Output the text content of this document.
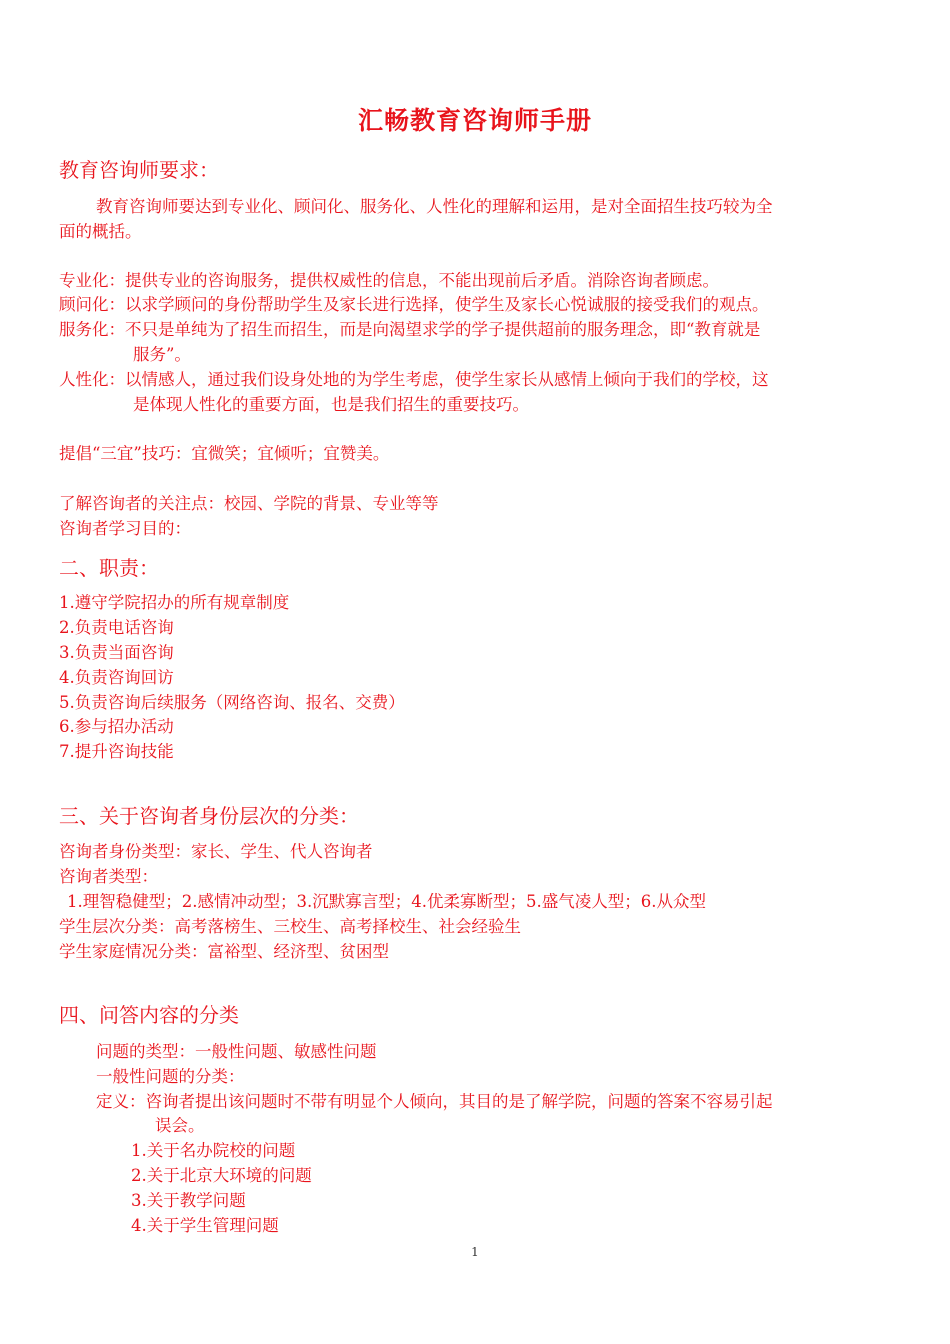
汇畅教育咨询师手册
教育咨询师要求：
教育咨询师要达到专业化、顾问化、服务化、人性化的理解和运用，是对全面招生技巧较为全
面的概括。
专业化：提供专业的咨询服务，提供权威性的信息，不能出现前后矛盾。消除咨询者顾虑。
顾问化：以求学顾问的身份帮助学生及家长进行选择，使学生及家长心悦诚服的接受我们的观点。
服务化：不只是单纯为了招生而招生，而是向渴望求学的学子提供超前的服务理念，即“教育就是
服务”。
人性化：以情感人，通过我们设身处地的为学生考虑，使学生家长从感情上倾向于我们的学校，这
是体现人性化的重要方面，也是我们招生的重要技巧。
提倡“三宜”技巧：宜微笑；宜倾听；宜赞美。
了解咨询者的关注点：校园、学院的背景、专业等等
咨询者学习目的：
二、职责：
1.遵守学院招办的所有规章制度
2.负责电话咨询
3.负责当面咨询
4.负责咨询回访
5.负责咨询后续服务（网络咨询、报名、交费）
6.参与招办活动
7.提升咨询技能
三、关于咨询者身份层次的分类：
咨询者身份类型：家长、学生、代人咨询者
咨询者类型：
1.理智稳健型；2.感情冲动型；3.沉默寡言型；4.优柔寡断型；5.盛气凌人型；6.从众型
学生层次分类：高考落榜生、三校生、高考择校生、社会经验生
学生家庭情况分类：富裕型、经济型、贫困型
四、问答内容的分类
问题的类型：一般性问题、敏感性问题
一般性问题的分类：
定义：咨询者提出该问题时不带有明显个人倾向，其目的是了解学院，问题的答案不容易引起
误会。
1.关于名办院校的问题
2.关于北京大环境的问题
3.关于教学问题
4.关于学生管理问题
1
